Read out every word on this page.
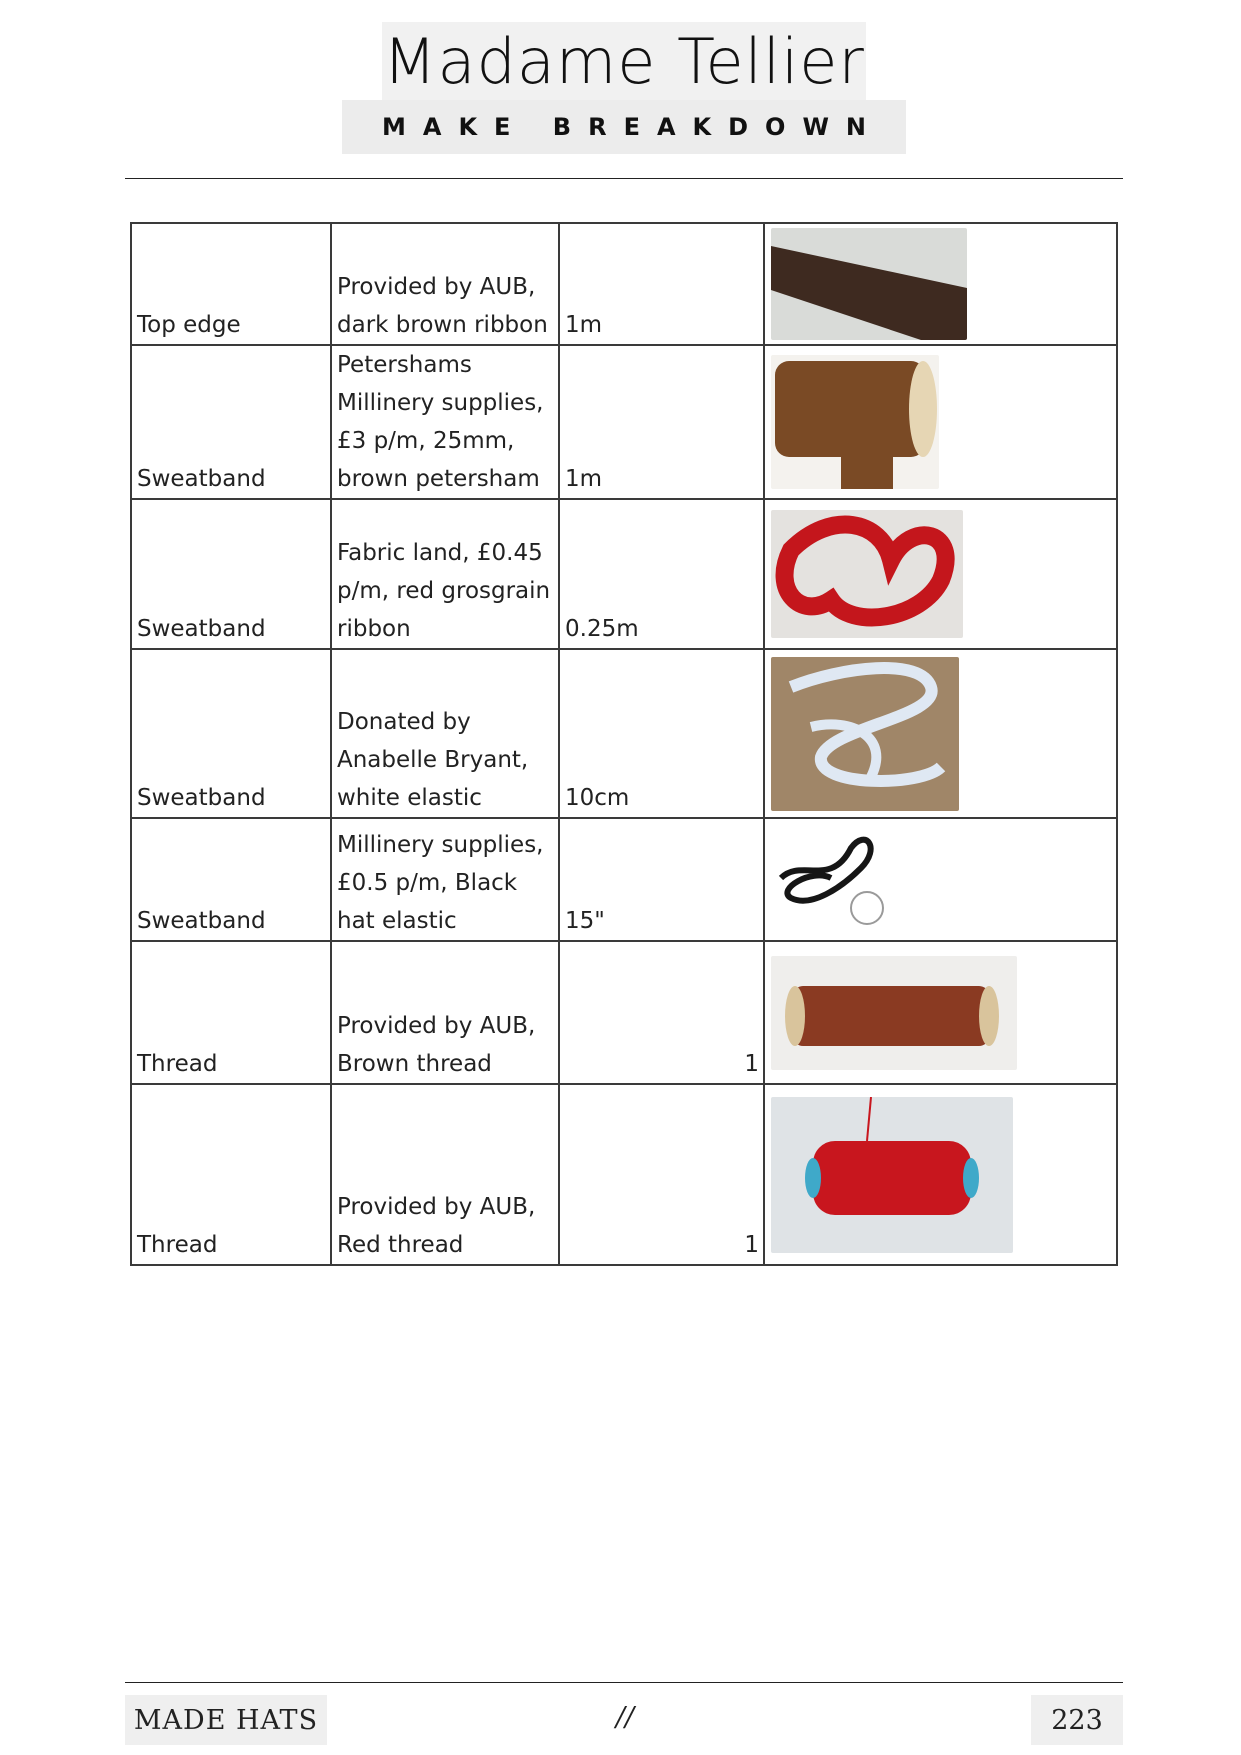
Madame Tellier
MAKE BREAKDOWN
Top edge	Provided by AUB, dark brown ribbon	1m	

Sweatband	Petershams Millinery supplies, £3 p/m, 25mm, brown petersham	1m	

Sweatband	Fabric land, £0.45 p/m, red grosgrain ribbon	0.25m	

Sweatband	Donated by Anabelle Bryant, white elastic	10cm	

Sweatband	Millinery supplies, £0.5 p/m, Black hat elastic	15"	

Thread	Provided by AUB, Brown thread	1	

Thread	Provided by AUB, Red thread	1	
MADE HATS	//	223
